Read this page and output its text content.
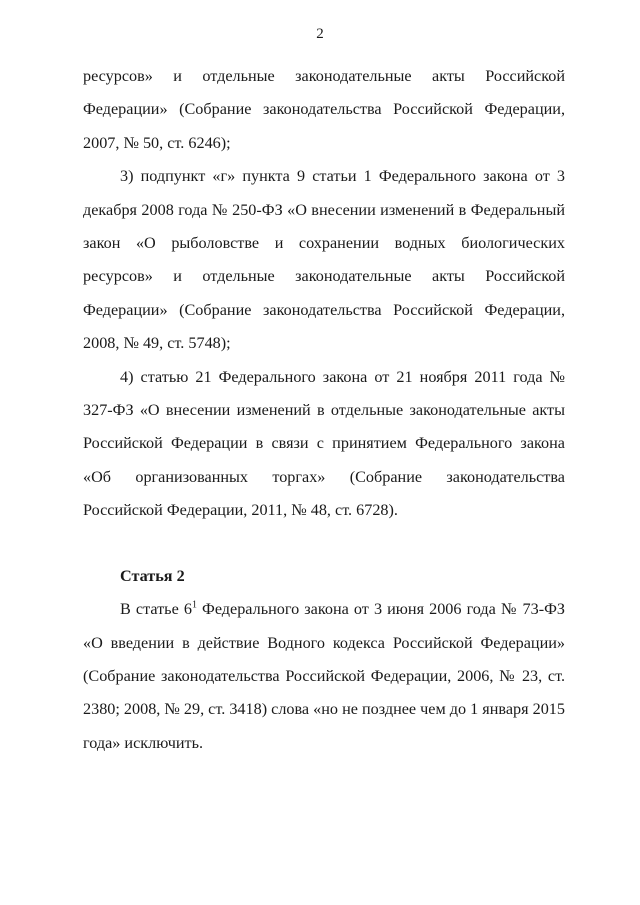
2

ресурсов» и отдельные законодательные акты Российской Федерации» (Собрание законодательства Российской Федерации, 2007, № 50, ст. 6246);

3) подпункт «г» пункта 9 статьи 1 Федерального закона от 3 декабря 2008 года № 250-ФЗ «О внесении изменений в Федеральный закон «О рыболовстве и сохранении водных биологических ресурсов» и отдельные законодательные акты Российской Федерации» (Собрание законодательства Российской Федерации, 2008, № 49, ст. 5748);

4) статью 21 Федерального закона от 21 ноября 2011 года № 327-ФЗ «О внесении изменений в отдельные законодательные акты Российской Федерации в связи с принятием Федерального закона «Об организованных торгах» (Собрание законодательства Российской Федерации, 2011, № 48, ст. 6728).

Статья 2

В статье $6^1$ Федерального закона от 3 июня 2006 года № 73-ФЗ «О введении в действие Водного кодекса Российской Федерации» (Собрание законодательства Российской Федерации, 2006, № 23, ст. 2380; 2008, № 29, ст. 3418) слова «но не позднее чем до 1 января 2015 года» исключить.
